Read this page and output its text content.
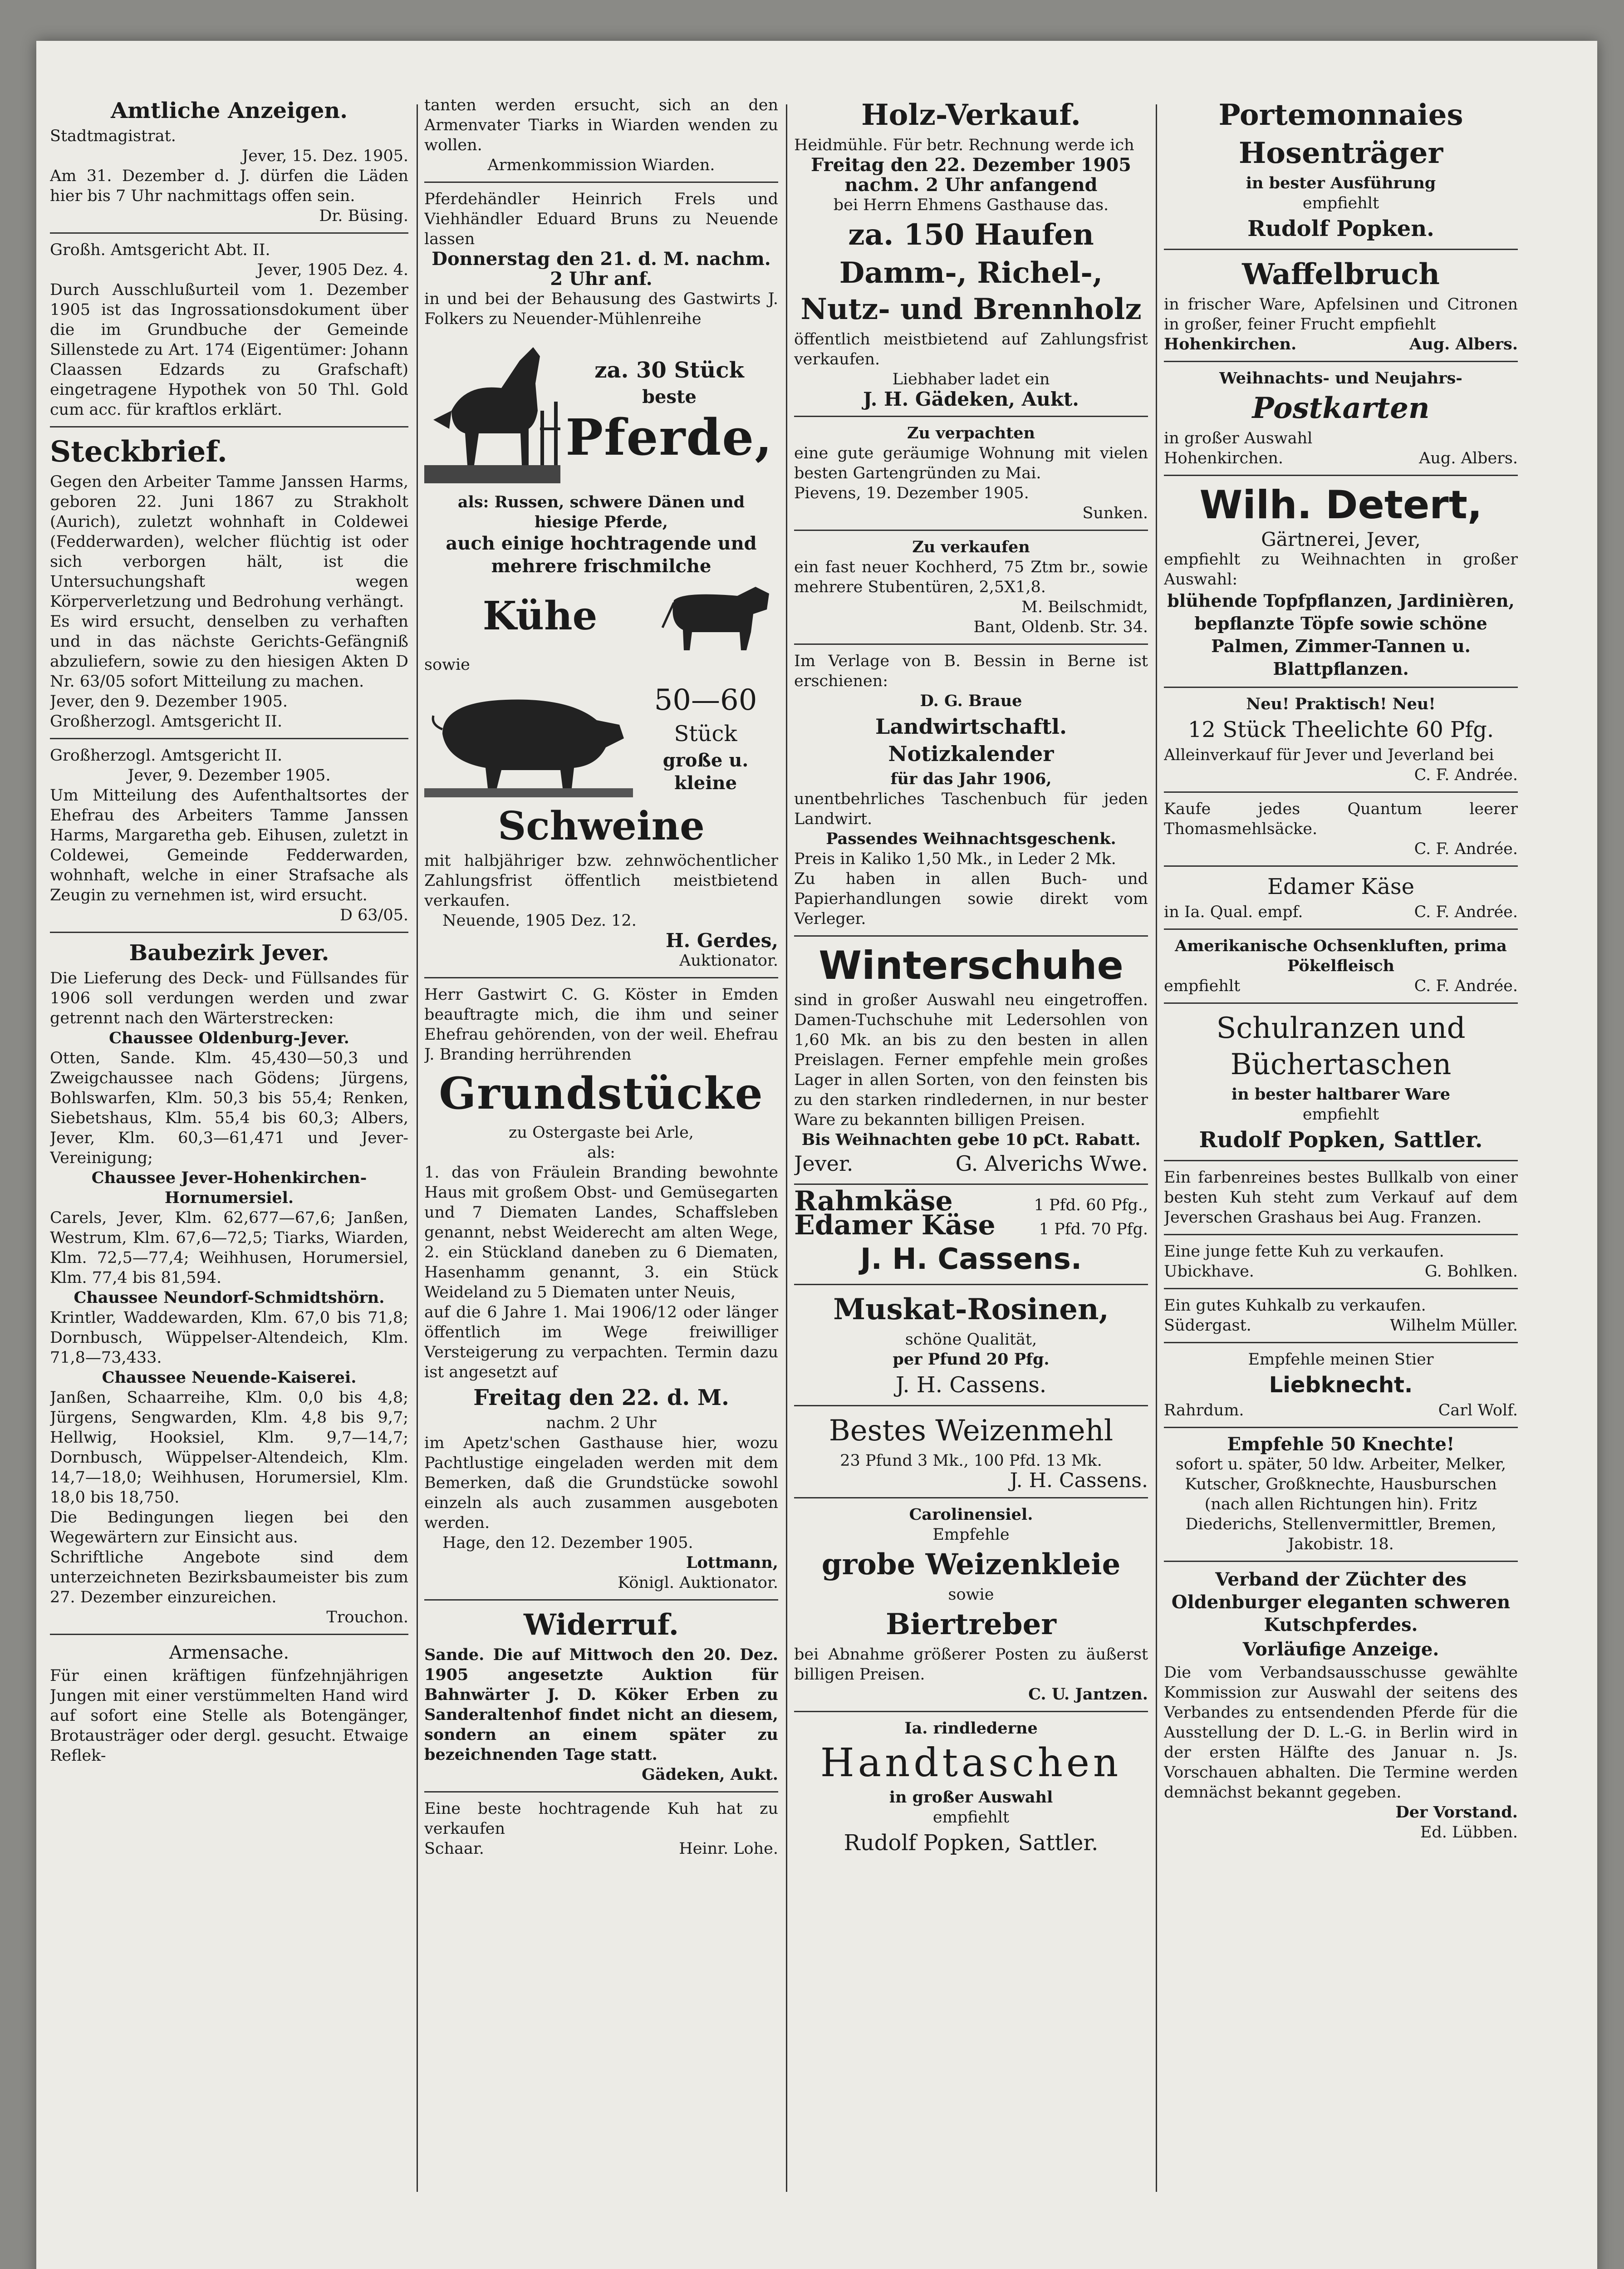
Amtliche Anzeigen.

Stadtmagistrat.

Jever, 15. Dez. 1905.

Am 31. Dezember d. J. dürfen die Läden hier bis 7 Uhr nachmittags offen sein.

Dr. Büsing.

Großh. Amtsgericht Abt. II.

Jever, 1905 Dez. 4.

Durch Ausschlußurteil vom 1. Dezember 1905 ist das Ingrossationsdokument über die im Grundbuche der Gemeinde Sillenstede zu Art. 174 (Eigentümer: Johann Claassen Edzards zu Grafschaft) eingetragene Hypothek von 50 Thl. Gold cum acc. für kraftlos erklärt.

Steckbrief.

Gegen den Arbeiter Tamme Janssen Harms, geboren 22. Juni 1867 zu Strakholt (Aurich), zuletzt wohnhaft in Coldewei (Fedderwarden), welcher flüchtig ist oder sich verborgen hält, ist die Untersuchungshaft wegen Körperverletzung und Bedrohung verhängt.

Es wird ersucht, denselben zu verhaften und in das nächste Gerichts-Gefängniß abzuliefern, sowie zu den hiesigen Akten D Nr. 63/05 sofort Mitteilung zu machen.

Jever, den 9. Dezember 1905.

Großherzogl. Amtsgericht II.

Großherzogl. Amtsgericht II.

Jever, 9. Dezember 1905.

Um Mitteilung des Aufenthaltsortes der Ehefrau des Arbeiters Tamme Janssen Harms, Margaretha geb. Eihusen, zuletzt in Coldewei, Gemeinde Fedderwarden, wohnhaft, welche in einer Strafsache als Zeugin zu vernehmen ist, wird ersucht.

D 63/05.

Baubezirk Jever.

Die Lieferung des Deck- und Füllsandes für 1906 soll verdungen werden und zwar getrennt nach den Wärterstrecken:

Chaussee Oldenburg-Jever.

Otten, Sande. Klm. 45,430—50,3 und Zweigchaussee nach Gödens; Jürgens, Bohlswarfen, Klm. 50,3 bis 55,4; Renken, Siebetshaus, Klm. 55,4 bis 60,3; Albers, Jever, Klm. 60,3—61,471 und Jever-Vereinigung;

Chaussee Jever-Hohenkirchen-Hornumersiel.

Carels, Jever, Klm. 62,677—67,6; Janßen, Westrum, Klm. 67,6—72,5; Tiarks, Wiarden, Klm. 72,5—77,4; Weihhusen, Horumersiel, Klm. 77,4 bis 81,594.

Chaussee Neundorf-Schmidtshörn.

Krintler, Waddewarden, Klm. 67,0 bis 71,8; Dornbusch, Wüppelser-Altendeich, Klm. 71,8—73,433.

Chaussee Neuende-Kaiserei.

Janßen, Schaarreihe, Klm. 0,0 bis 4,8; Jürgens, Sengwarden, Klm. 4,8 bis 9,7; Hellwig, Hooksiel, Klm. 9,7—14,7; Dornbusch, Wüppelser-Altendeich, Klm. 14,7—18,0; Weihhusen, Horumersiel, Klm. 18,0 bis 18,750.

Die Bedingungen liegen bei den Wegewärtern zur Einsicht aus.

Schriftliche Angebote sind dem unterzeichneten Bezirksbaumeister bis zum 27. Dezember einzureichen.

Trouchon.

Armensache.

Für einen kräftigen fünfzehnjährigen Jungen mit einer verstümmelten Hand wird auf sofort eine Stelle als Botengänger, Brotausträger oder dergl. gesucht. Etwaige Reflek-

tanten werden ersucht, sich an den Armenvater Tiarks in Wiarden wenden zu wollen.

Armenkommission Wiarden.

Pferdehändler Heinrich Frels und Viehhändler Eduard Bruns zu Neuende lassen

Donnerstag den 21. d. M. nachm. 2 Uhr anf.

in und bei der Behausung des Gastwirts J. Folkers zu Neuender-Mühlenreihe

za. 30 Stück
beste
Pferde,

als: Russen, schwere Dänen und hiesige Pferde,

auch einige hochtragende und mehrere frischmilche

Kühe

sowie

50—60
Stück
große u. kleine
Schweine

mit halbjähriger bzw. zehnwöchentlicher Zahlungsfrist öffentlich meistbietend verkaufen.

Neuende, 1905 Dez. 12.

H. Gerdes,

Auktionator.

Herr Gastwirt C. G. Köster in Emden beauftragte mich, die ihm und seiner Ehefrau gehörenden, von der weil. Ehefrau J. Branding herrührenden

Grundstücke

zu Ostergaste bei Arle,

als:

1. das von Fräulein Branding bewohnte Haus mit großem Obst- und Gemüsegarten und 7 Diematen Landes, Schaffsleben genannt, nebst Weiderecht am alten Wege, 2. ein Stückland daneben zu 6 Diematen, Hasenhamm genannt, 3. ein Stück Weideland zu 5 Diematen unter Neuis,

auf die 6 Jahre 1. Mai 1906/12 oder länger öffentlich im Wege freiwilliger Versteigerung zu verpachten. Termin dazu ist angesetzt auf

Freitag den 22. d. M.

nachm. 2 Uhr

im Apetz'schen Gasthause hier, wozu Pachtlustige eingeladen werden mit dem Bemerken, daß die Grundstücke sowohl einzeln als auch zusammen ausgeboten werden.

Hage, den 12. Dezember 1905.

Lottmann,

Königl. Auktionator.

Widerruf.

Sande. Die auf Mittwoch den 20. Dez. 1905 angesetzte Auktion für Bahnwärter J. D. Köker Erben zu Sanderaltenhof findet nicht an diesem, sondern an einem später zu bezeichnenden Tage statt.

Gädeken, Aukt.

Eine beste hochtragende Kuh hat zu verkaufen

Schaar.	Heinr. Lohe.
Holz-Verkauf.

Heidmühle. Für betr. Rechnung werde ich

Freitag den 22. Dezember 1905 nachm. 2 Uhr anfangend

bei Herrn Ehmens Gasthause das.

za. 150 Haufen
Damm-, Richel-, Nutz- und Brennholz

öffentlich meistbietend auf Zahlungsfrist verkaufen.

Liebhaber ladet ein

J. H. Gädeken, Aukt.

Zu verpachten

eine gute geräumige Wohnung mit vielen besten Gartengründen zu Mai.

Pievens, 19. Dezember 1905.

Sunken.

Zu verkaufen

ein fast neuer Kochherd, 75 Ztm br., sowie mehrere Stubentüren, 2,5X1,8.

M. Beilschmidt,

Bant, Oldenb. Str. 34.

Im Verlage von B. Bessin in Berne ist erschienen:

D. G. Braue

Landwirtschaftl. Notizkalender

für das Jahr 1906,

unentbehrliches Taschenbuch für jeden Landwirt.

Passendes Weihnachtsgeschenk.

Preis in Kaliko 1,50 Mk., in Leder 2 Mk.

Zu haben in allen Buch- und Papierhandlungen sowie direkt vom Verleger.

Winterschuhe

sind in großer Auswahl neu eingetroffen. Damen-Tuchschuhe mit Ledersohlen von 1,60 Mk. an bis zu den besten in allen Preislagen. Ferner empfehle mein großes Lager in allen Sorten, von den feinsten bis zu den starken rindledernen, in nur bester Ware zu bekannten billigen Preisen.

Bis Weihnachten gebe 10 pCt. Rabatt.

Jever.	G. Alverichs Wwe.
Rahmkäse	1 Pfd. 60 Pfg.,
Edamer Käse	1 Pfd. 70 Pfg.
J. H. Cassens.
Muskat-Rosinen,

schöne Qualität,

per Pfund 20 Pfg.

J. H. Cassens.
Bestes Weizenmehl

23 Pfund 3 Mk., 100 Pfd. 13 Mk.

J. H. Cassens.

Carolinensiel.

Empfehle

grobe Weizenkleie

sowie

Biertreber

bei Abnahme größerer Posten zu äußerst billigen Preisen.

C. U. Jantzen.

Ia. rindlederne

Handtaschen

in großer Auswahl

empfiehlt

Rudolf Popken, Sattler.
Portemonnaies
Hosenträger

in bester Ausführung

empfiehlt

Rudolf Popken.
Waffelbruch

in frischer Ware, Apfelsinen und Citronen in großer, feiner Frucht empfiehlt

Hohenkirchen.	Aug. Albers.

Weihnachts- und Neujahrs-

Postkarten

in großer Auswahl

Hohenkirchen.	Aug. Albers.
Wilh. Detert,

Gärtnerei, Jever,

empfiehlt zu Weihnachten in großer Auswahl:

blühende Topfpflanzen, Jardinièren, bepflanzte Töpfe sowie schöne Palmen, Zimmer-Tannen u. Blattpflanzen.

Neu! Praktisch! Neu!

12 Stück Theelichte 60 Pfg.

Alleinverkauf für Jever und Jeverland bei

C. F. Andrée.

Kaufe jedes Quantum leerer Thomasmehlsäcke.

C. F. Andrée.

Edamer Käse
in Ia. Qual. empf.	C. F. Andrée.

Amerikanische Ochsenkluften, prima Pökelfleisch

empfiehlt	C. F. Andrée.
Schulranzen und Büchertaschen

in bester haltbarer Ware

empfiehlt

Rudolf Popken, Sattler.

Ein farbenreines bestes Bullkalb von einer besten Kuh steht zum Verkauf auf dem Jeverschen Grashaus bei Aug. Franzen.

Eine junge fette Kuh zu verkaufen.

Ubickhave.	G. Bohlken.

Ein gutes Kuhkalb zu verkaufen.

Südergast.	Wilhelm Müller.

Empfehle meinen Stier

Liebknecht.
Rahrdum.	Carl Wolf.

Empfehle 50 Knechte!

sofort u. später, 50 ldw. Arbeiter, Melker, Kutscher, Großknechte, Hausburschen (nach allen Richtungen hin). Fritz Diederichs, Stellenvermittler, Bremen, Jakobistr. 18.

Verband der Züchter des Oldenburger eleganten schweren Kutschpferdes.

Vorläufige Anzeige.

Die vom Verbandsausschusse gewählte Kommission zur Auswahl der seitens des Verbandes zu entsendenden Pferde für die Ausstellung der D. L.-G. in Berlin wird in der ersten Hälfte des Januar n. Js. Vorschauen abhalten. Die Termine werden demnächst bekannt gegeben.

Der Vorstand.

Ed. Lübben.
